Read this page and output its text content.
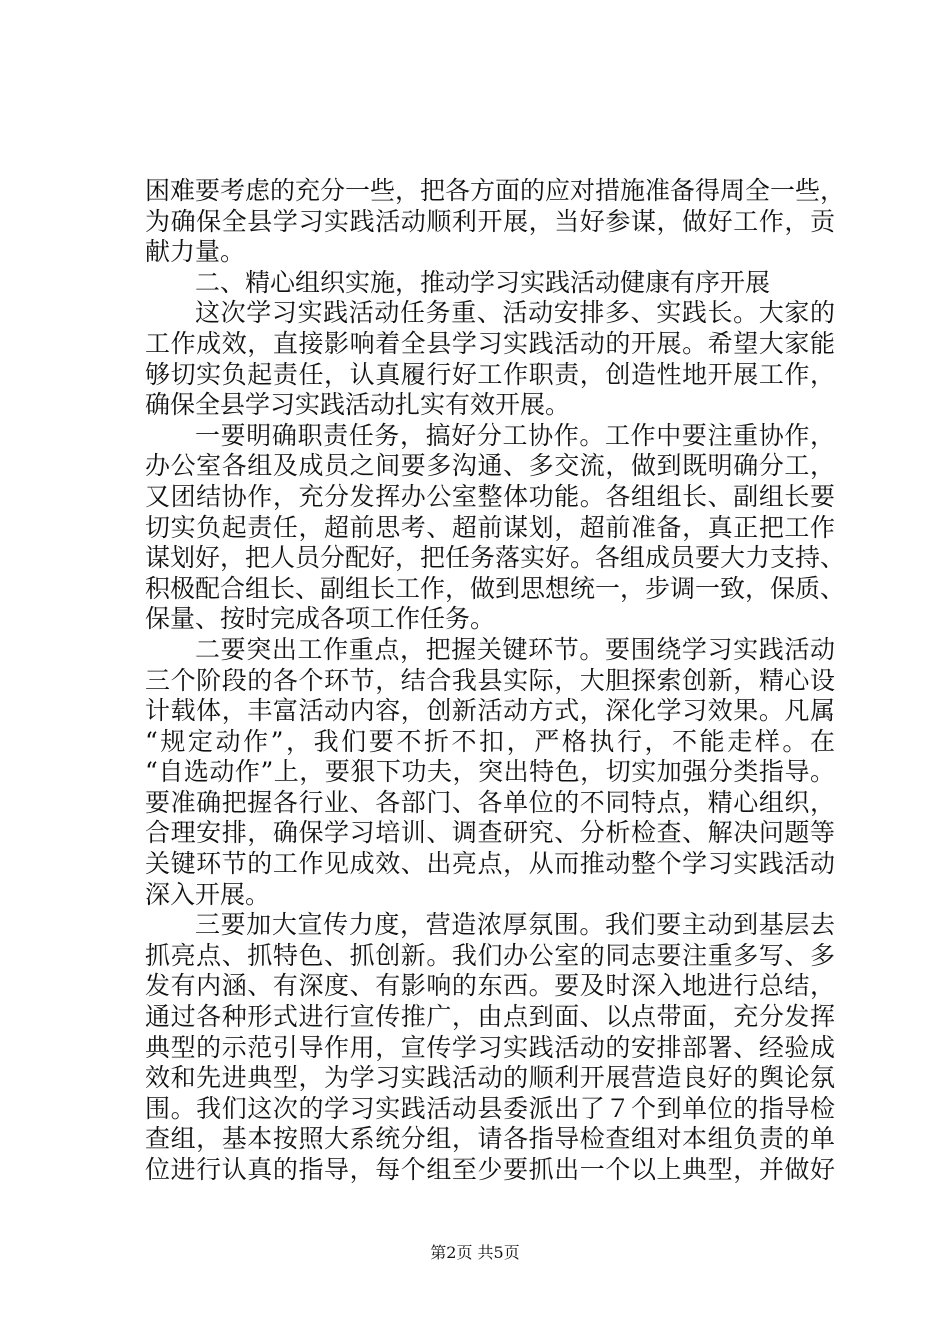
困难要考虑的充分一些，把各方面的应对措施准备得周全一些，
为确保全县学习实践活动顺利开展，当好参谋，做好工作，贡
献力量。
二、精心组织实施，推动学习实践活动健康有序开展
这次学习实践活动任务重、活动安排多、实践长。大家的
工作成效，直接影响着全县学习实践活动的开展。希望大家能
够切实负起责任，认真履行好工作职责，创造性地开展工作，
确保全县学习实践活动扎实有效开展。
一要明确职责任务，搞好分工协作。工作中要注重协作，
办公室各组及成员之间要多沟通、多交流，做到既明确分工，
又团结协作，充分发挥办公室整体功能。各组组长、副组长要
切实负起责任，超前思考、超前谋划，超前准备，真正把工作
谋划好，把人员分配好，把任务落实好。各组成员要大力支持、
积极配合组长、副组长工作，做到思想统一，步调一致，保质、
保量、按时完成各项工作任务。
二要突出工作重点，把握关键环节。要围绕学习实践活动
三个阶段的各个环节，结合我县实际，大胆探索创新，精心设
计载体，丰富活动内容，创新活动方式，深化学习效果。凡属
“规定动作”，我们要不折不扣，严格执行，不能走样。在
“自选动作”上，要狠下功夫，突出特色，切实加强分类指导。
要准确把握各行业、各部门、各单位的不同特点，精心组织，
合理安排，确保学习培训、调查研究、分析检查、解决问题等
关键环节的工作见成效、出亮点，从而推动整个学习实践活动
深入开展。
三要加大宣传力度，营造浓厚氛围。我们要主动到基层去
抓亮点、抓特色、抓创新。我们办公室的同志要注重多写、多
发有内涵、有深度、有影响的东西。要及时深入地进行总结，
通过各种形式进行宣传推广，由点到面、以点带面，充分发挥
典型的示范引导作用，宣传学习实践活动的安排部署、经验成
效和先进典型，为学习实践活动的顺利开展营造良好的舆论氛
围。我们这次的学习实践活动县委派出了７个到单位的指导检
查组，基本按照大系统分组，请各指导检查组对本组负责的单
位进行认真的指导，每个组至少要抓出一个以上典型，并做好
第2页 共5页
